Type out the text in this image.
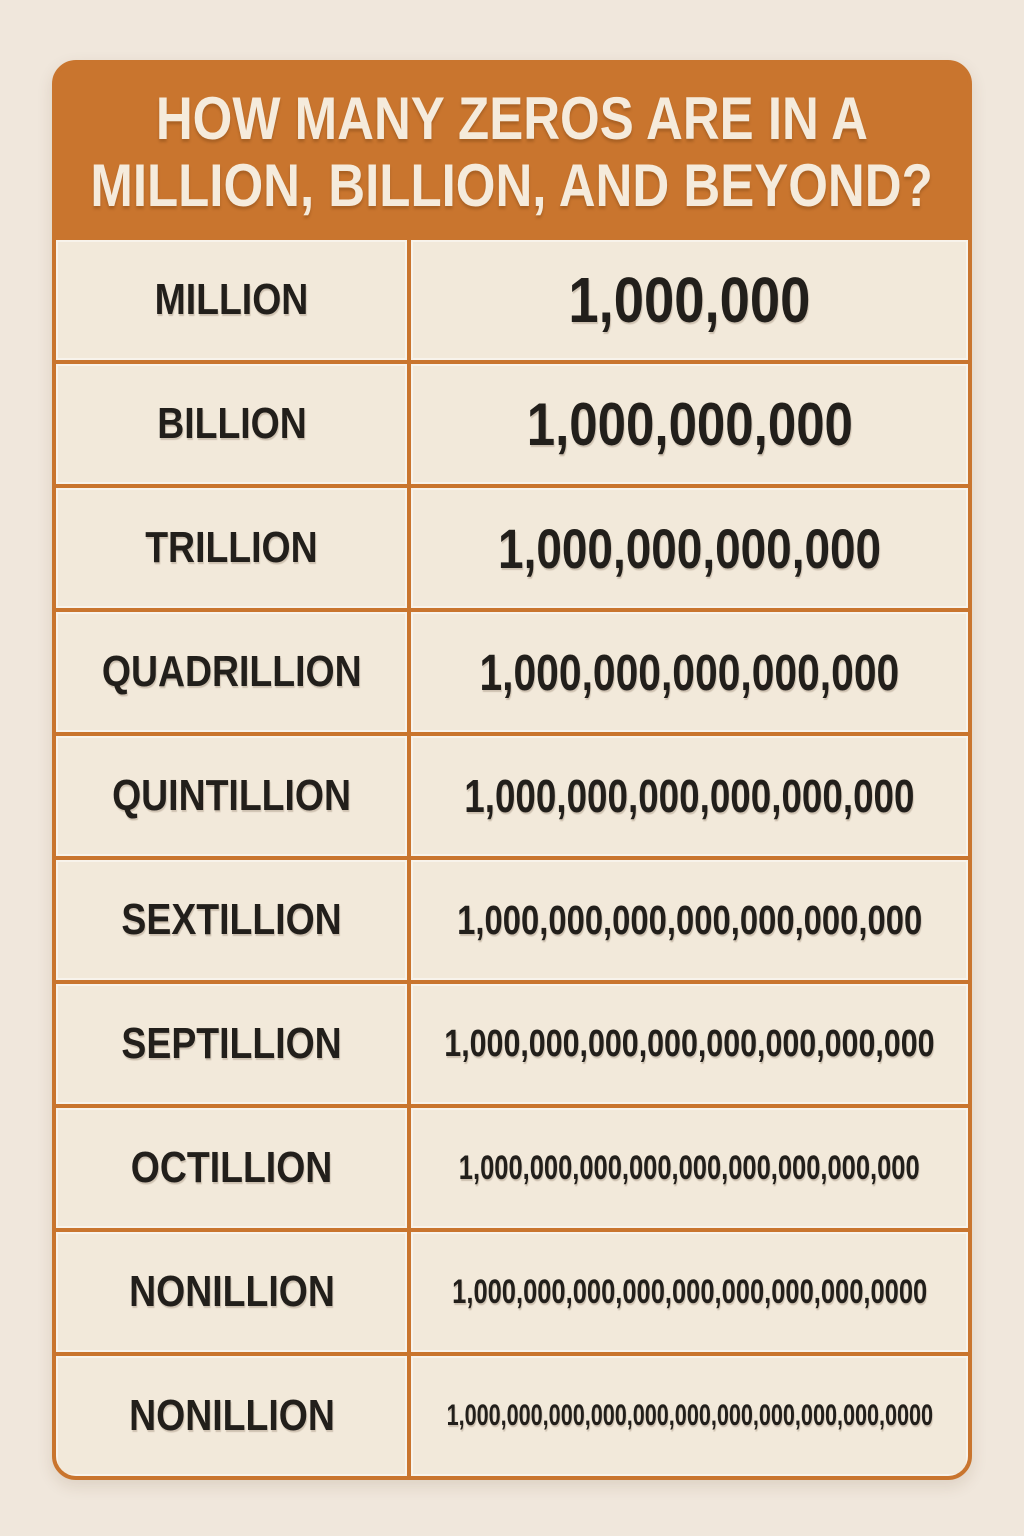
HOW MANY ZEROS ARE IN A
MILLION, BILLION, AND BEYOND?
MILLION	1,000,000
BILLION	1,000,000,000
TRILLION	1,000,000,000,000
QUADRILLION 1,000,000,000,000,000
QUINTILLION 1,000,000,000,000,000,000
SEXTILLION	1,000,000,000,000,000,000,000
SEPTILLION	1,000,000,000,000,000,000,000,000
OCTILLION	1,000,000,000,000,000,000,000,000,000
NONILLION	1,000,000,000,000,000,000,000,000,0000
NONILLION	1,000,000,000,000,000,000,000,000,000,000,0000
